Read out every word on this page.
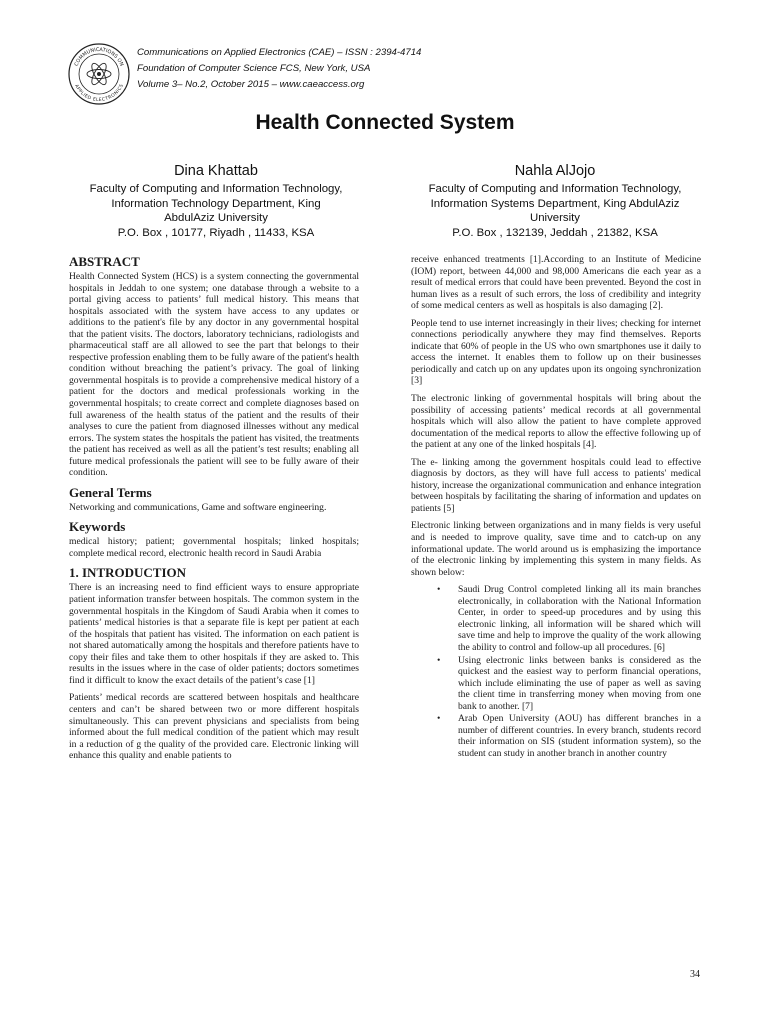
COMMUNICATIONS ON
APPLIED ELECTRONICS
Communications on Applied Electronics (CAE) – ISSN : 2394-4714
Foundation of Computer Science FCS, New York, USA
Volume 3– No.2, October 2015 – www.caeaccess.org
Health Connected System
Dina Khattab
Faculty of Computing and Information Technology,
Information Technology Department, King
AbdulAziz University
P.O. Box , 10177, Riyadh , 11433, KSA
Nahla AlJojo
Faculty of Computing and Information Technology,
Information Systems Department, King AbdulAziz
University
P.O. Box , 132139, Jeddah , 21382, KSA
ABSTRACT

Health Connected System (HCS) is a system connecting the governmental hospitals in Jeddah to one system; one database through a website to a portal giving access to patients’ full medical history. This means that hospitals associated with the system have access to any updates or additions to the patient's file by any doctor in any governmental hospital that the patient visits. The doctors, laboratory technicians, radiologists and pharmaceutical staff are all allowed to see the part that belongs to their respective profession enabling them to be fully aware of the patient's health condition without breaching the patient’s privacy. The goal of linking governmental hospitals is to provide a comprehensive medical history of a patient for the doctors and medical professionals working in the governmental hospitals; to create correct and complete diagnoses based on full awareness of the health status of the patient and the results of their analyses to cure the patient from diagnosed illnesses without any medical errors. The system states the hospitals the patient has visited, the treatments the patient has received as well as all the patient’s test results; enabling all future medical professionals the patient will see to be fully aware of their condition.

General Terms

Networking and communications, Game and software engineering.

Keywords

medical history; patient; governmental hospitals; linked hospitals; complete medical record, electronic health record in Saudi Arabia

1. INTRODUCTION

There is an increasing need to find efficient ways to ensure appropriate patient information transfer between hospitals. The common system in the governmental hospitals in the Kingdom of Saudi Arabia when it comes to patients’ medical histories is that a separate file is kept per patient at each of the hospitals that patient has visited. The information on each patient is not shared automatically among the hospitals and therefore patients have to copy their files and take them to other hospitals if they are asked to. This results in the issues where in the case of older patients; doctors sometimes find it difficult to know the exact details of the patient’s case [1]

Patients’ medical records are scattered between hospitals and healthcare centers and can’t be shared between two or more different hospitals simultaneously. This can prevent physicians and specialists from being informed about the full medical condition of the patient which may result in a reduction of g the quality of the provided care. Electronic linking will enhance this quality and enable patients to

receive enhanced treatments [1].According to an Institute of Medicine (IOM) report, between 44,000 and 98,000 Americans die each year as a result of medical errors that could have been prevented. Beyond the cost in human lives as a result of such errors, the loss of credibility and integrity of some medical centers as well as hospitals is also damaging [2].

People tend to use internet increasingly in their lives; checking for internet connections periodically anywhere they may find themselves. Reports indicate that 60% of people in the US who own smartphones use it daily to access the internet. It enables them to follow up on their businesses periodically and catch up on any updates upon its ongoing synchronization [3]

The electronic linking of governmental hospitals will bring about the possibility of accessing patients’ medical records at all governmental hospitals which will also allow the patient to have complete approved documentation of the medical reports to allow the effective following up of the patient at any one of the linked hospitals [4].

The e- linking among the government hospitals could lead to effective diagnosis by doctors, as they will have full access to patients' medical history, increase the organizational communication and enhance integration between hospitals by facilitating the sharing of information and updates on patients [5]

Electronic linking between organizations and in many fields is very useful and is needed to improve quality, save time and to catch-up on any informational update. The world around us is emphasizing the importance of the electronic linking by implementing this system in many fields. As shown below:

• Saudi Drug Control completed linking all its main branches electronically, in collaboration with the National Information Center, in order to speed-up procedures and by using this electronic linking, all information will be shared which will save time and help to improve the quality of the work allowing the ability to control and follow-up all procedures. [6]
• Using electronic links between banks is considered as the quickest and the easiest way to perform financial operations, which include eliminating the use of paper as well as saving the client time in transferring money when moving from one bank to another. [7]
• Arab Open University (AOU) has different branches in a number of different countries. In every branch, students record their information on SIS (student information system), so the student can study in another branch in another country
34
